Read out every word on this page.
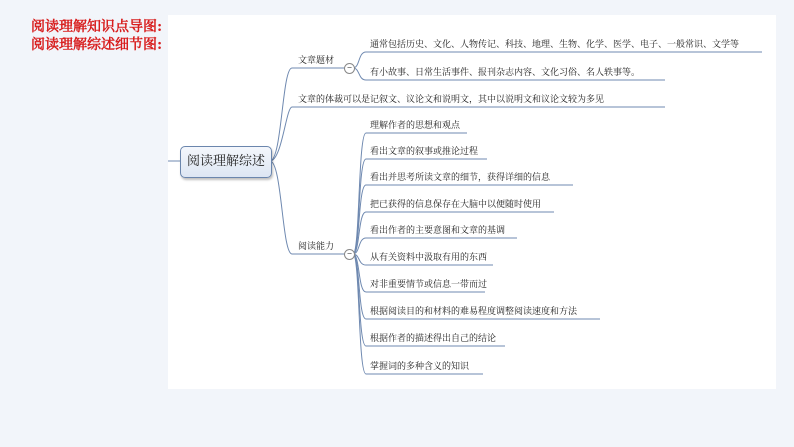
阅读理解知识点导图:
阅读理解综述细节图:
阅读理解综述
文章题材
−
通常包括历史、文化、人物传记、科技、地理、生物、化学、医学、电子、一般常识、文学等
有小故事、日常生活事件、报刊杂志内容、文化习俗、名人轶事等。
文章的体裁可以是记叙文、议论文和说明文，其中以说明文和议论文较为多见
阅读能力
−
理解作者的思想和观点
看出文章的叙事或推论过程
看出并思考所读文章的细节，获得详细的信息
把已获得的信息保存在大脑中以便随时使用
看出作者的主要意图和文章的基调
从有关资料中汲取有用的东西
对非重要情节或信息一带而过
根据阅读目的和材料的难易程度调整阅读速度和方法
根据作者的描述得出自己的结论
掌握词的多种含义的知识
